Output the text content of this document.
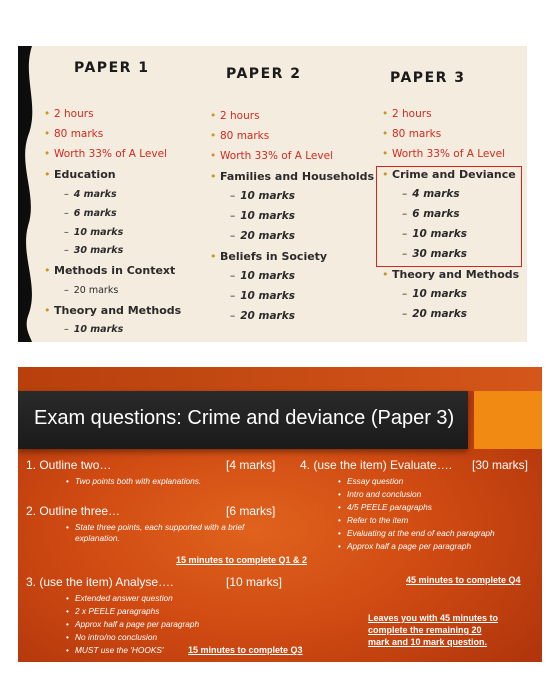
PAPER 1
• 2 hours
• 80 marks
• Worth 33% of A Level
• Education
– 4 marks
– 6 marks
– 10 marks
– 30 marks
• Methods in Context
– 20 marks
• Theory and Methods
– 10 marks
PAPER 2
• 2 hours
• 80 marks
• Worth 33% of A Level
• Families and Households
– 10 marks
– 10 marks
– 20 marks
• Beliefs in Society
– 10 marks
– 10 marks
– 20 marks
PAPER 3
• 2 hours
• 80 marks
• Worth 33% of A Level
• Crime and Deviance
– 4 marks
– 6 marks
– 10 marks
– 30 marks
• Theory and Methods
– 10 marks
– 20 marks
Exam questions: Crime and deviance (Paper 3)
1. Outline two…	[4 marks]
• Two points both with explanations.
2. Outline three…	[6 marks]
• State three points, each supported with a brief
explanation.
15 minutes to complete Q1 & 2
3. (use the item) Analyse….	[10 marks]
• Extended answer question
• 2 x PEELE paragraphs
• Approx half a page per paragraph
• No intro/no conclusion
• MUST use the 'HOOKS'	15 minutes to complete Q3
4. (use the item) Evaluate…. [30 marks]
• Essay question
• Intro and conclusion
• 4/5 PEELE paragraphs
• Refer to the item
• Evaluating at the end of each paragraph
• Approx half a page per paragraph
45 minutes to complete Q4
Leaves you with 45 minutes to
complete the remaining 20
mark and 10 mark question.
